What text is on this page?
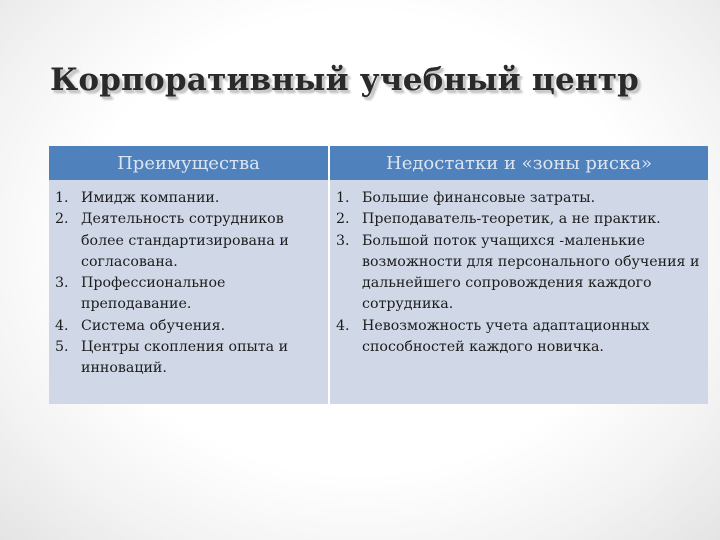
Корпоративный учебный центр
Преимущества	Недостатки и «зоны риска»
1. Имидж компании.
2. Деятельность сотрудников более стандартизирована и согласована.
3. Профессиональное преподавание.
4. Система обучения.
5. Центры скопления опыта и инноваций.
1. Большие финансовые затраты.
2. Преподаватель-теоретик, а не практик.
3. Большой поток учащихся -маленькие возможности для персонального обучения и дальнейшего сопровождения каждого сотрудника.
4. Невозможность учета адаптационных способностей каждого новичка.
